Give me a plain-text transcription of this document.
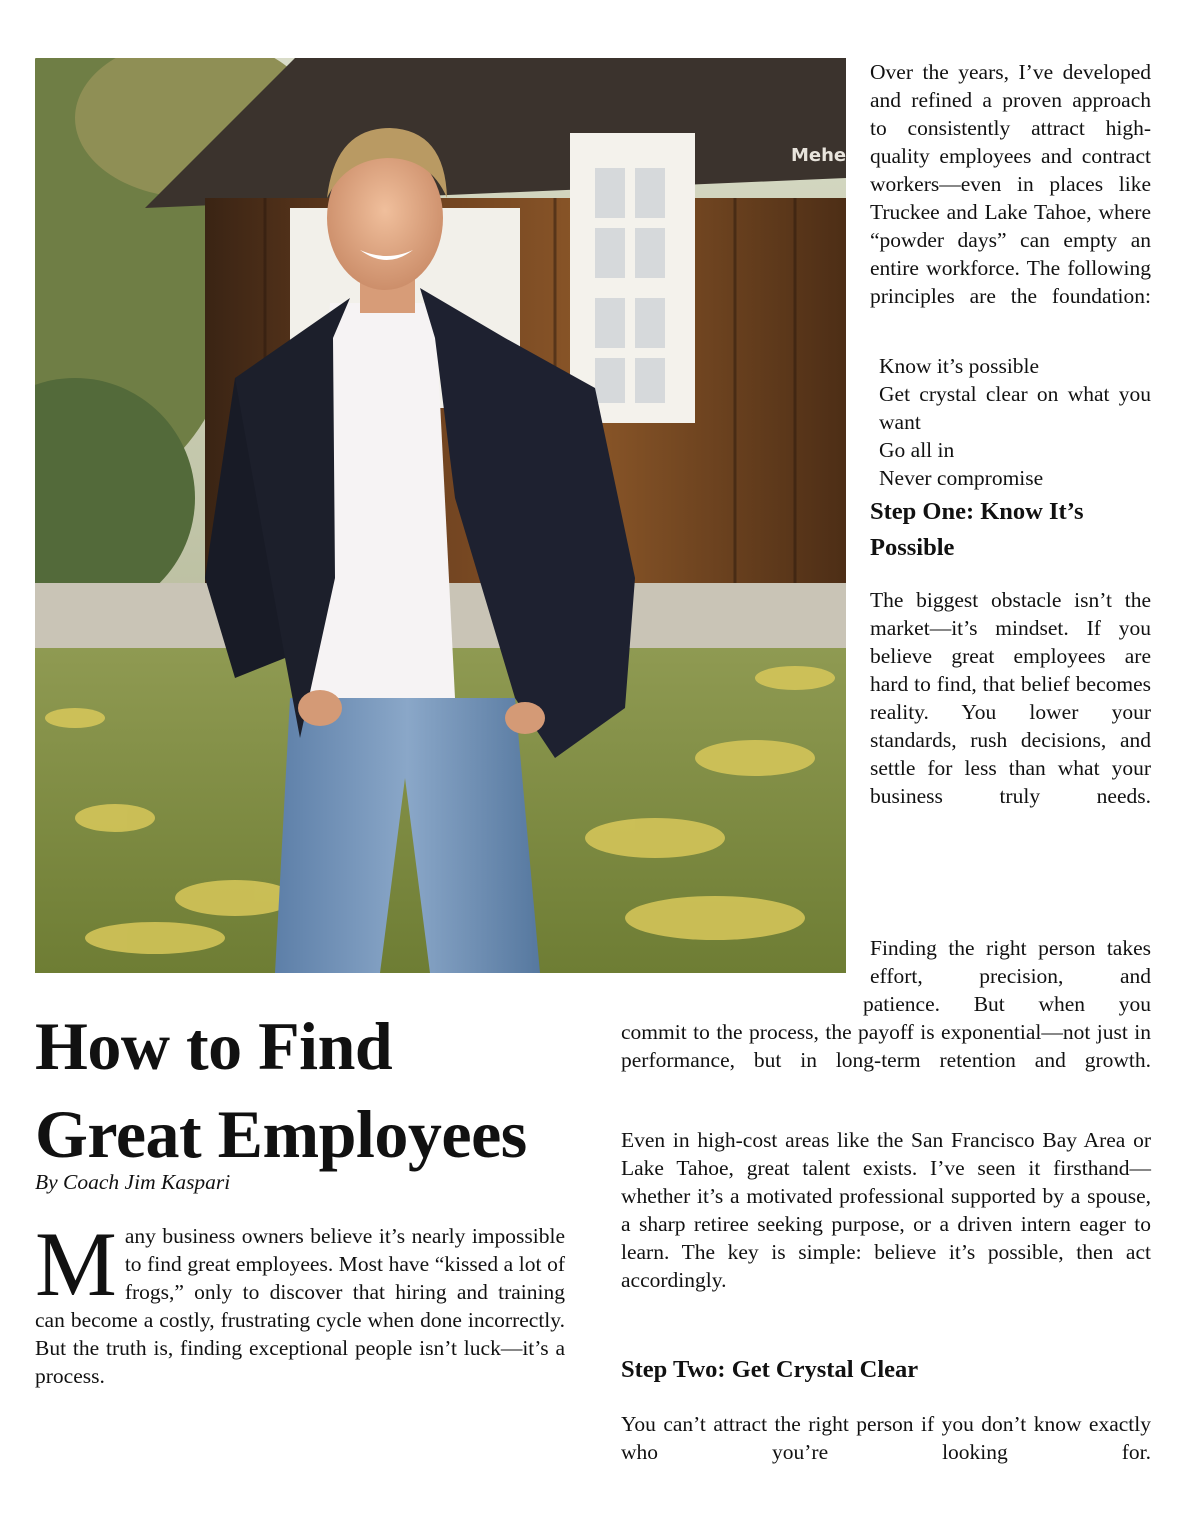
Mehe

Over the years, I’ve developed and refined a proven approach to consistently attract high-quality employees and contract workers—even in places like Truckee and Lake Tahoe, where “powder days” can empty an entire workforce. The following principles are the foundation:

Know it’s possible
Get crystal clear on what you want
Go all in
Never compromise
Step One: Know It’s Possible

The biggest obstacle isn’t the market—it’s mindset. If you believe great employees are hard to find, that belief becomes reality. You lower your standards, rush decisions, and settle for less than what your business truly needs.

Finding the right person takes effort, precision, and

patience. But when you

commit to the process, the payoff is exponential—not just in performance, but in long-term retention and growth.

Even in high-cost areas like the San Francisco Bay Area or Lake Tahoe, great talent exists. I’ve seen it firsthand—whether it’s a motivated professional supported by a spouse, a sharp retiree seeking purpose, or a driven intern eager to learn. The key is simple: believe it’s possible, then act accordingly.

Step Two: Get Crystal Clear

You can’t attract the right person if you don’t know exactly who you’re looking for.

How to Find
Great Employees

By Coach Jim Kaspari

M any business owners believe it’s nearly impossible to find great employees. Most have “kissed a lot of frogs,” only to discover that hiring and training can become a costly, frustrating cycle when done incorrectly. But the truth is, finding exceptional people isn’t luck—it’s a process.
